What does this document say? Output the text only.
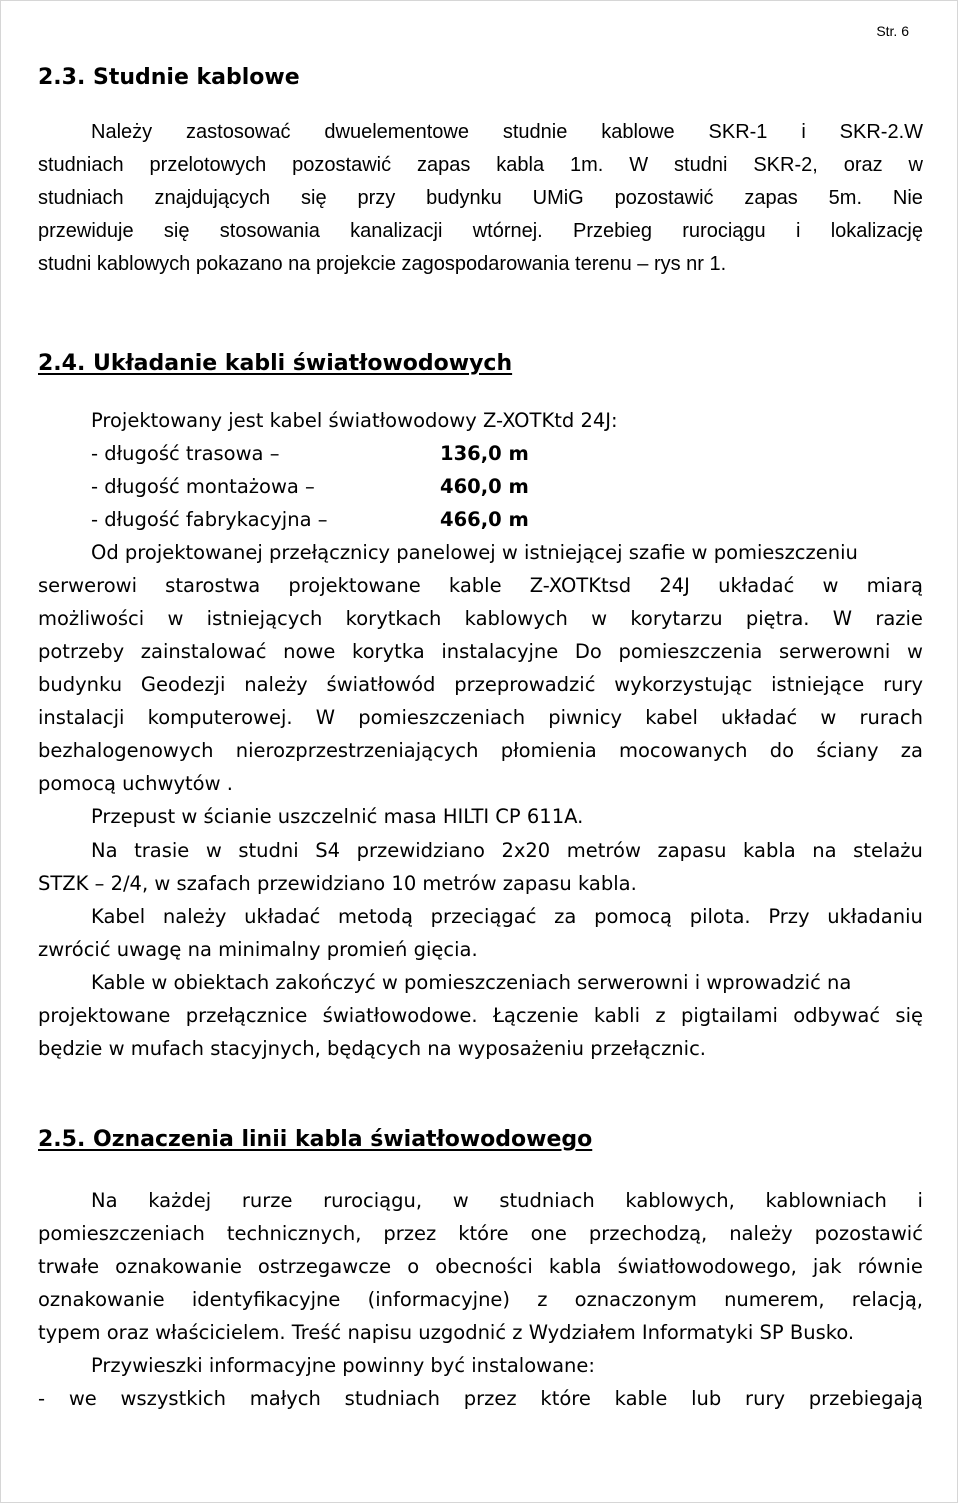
Str. 6
2.3. Studnie kablowe
Należy zastosować dwuelementowe studnie kablowe SKR-1 i SKR-2.W
studniach przelotowych pozostawić zapas kabla 1m. W studni SKR-2, oraz w
studniach znajdujących się przy budynku UMiG pozostawić zapas 5m. Nie
przewiduje się stosowania kanalizacji wtórnej. Przebieg rurociągu i lokalizację
studni kablowych pokazano na projekcie zagospodarowania terenu – rys nr 1.
2.4. Układanie kabli światłowodowych
Projektowany jest kabel światłowodowy Z-XOTKtd 24J:
- długość trasowa –	136,0 m
- długość montażowa –	460,0 m
- długość fabrykacyjna –	466,0 m
Od projektowanej przełącznicy panelowej w istniejącej szafie w pomieszczeniu
serwerowi starostwa projektowane kable Z-XOTKtsd 24J układać w miarą
możliwości w istniejących korytkach kablowych w korytarzu piętra. W razie
potrzeby zainstalować nowe korytka instalacyjne Do pomieszczenia serwerowni w
budynku Geodezji należy światłowód przeprowadzić wykorzystując istniejące rury
instalacji komputerowej. W pomieszczeniach piwnicy kabel układać w rurach
bezhalogenowych nierozprzestrzeniających płomienia mocowanych do ściany za
pomocą uchwytów .
Przepust w ścianie uszczelnić masa HILTI CP 611A.
Na trasie w studni S4 przewidziano 2x20 metrów zapasu kabla na stelażu
STZK – 2/4, w szafach przewidziano 10 metrów zapasu kabla.
Kabel należy układać metodą przeciągać za pomocą pilota. Przy układaniu
zwrócić uwagę na minimalny promień gięcia.
Kable w obiektach zakończyć w pomieszczeniach serwerowni i wprowadzić na
projektowane przełącznice światłowodowe. Łączenie kabli z pigtailami odbywać się
będzie w mufach stacyjnych, będących na wyposażeniu przełącznic.
2.5. Oznaczenia linii kabla światłowodowego
Na każdej rurze rurociągu, w studniach kablowych, kablowniach i
pomieszczeniach technicznych, przez które one przechodzą, należy pozostawić
trwałe oznakowanie ostrzegawcze o obecności kabla światłowodowego, jak równie
oznakowanie identyfikacyjne (informacyjne) z oznaczonym numerem, relacją,
typem oraz właścicielem. Treść napisu uzgodnić z Wydziałem Informatyki SP Busko.
Przywieszki informacyjne powinny być instalowane:
- we wszystkich małych studniach przez które kable lub rury przebiegają
